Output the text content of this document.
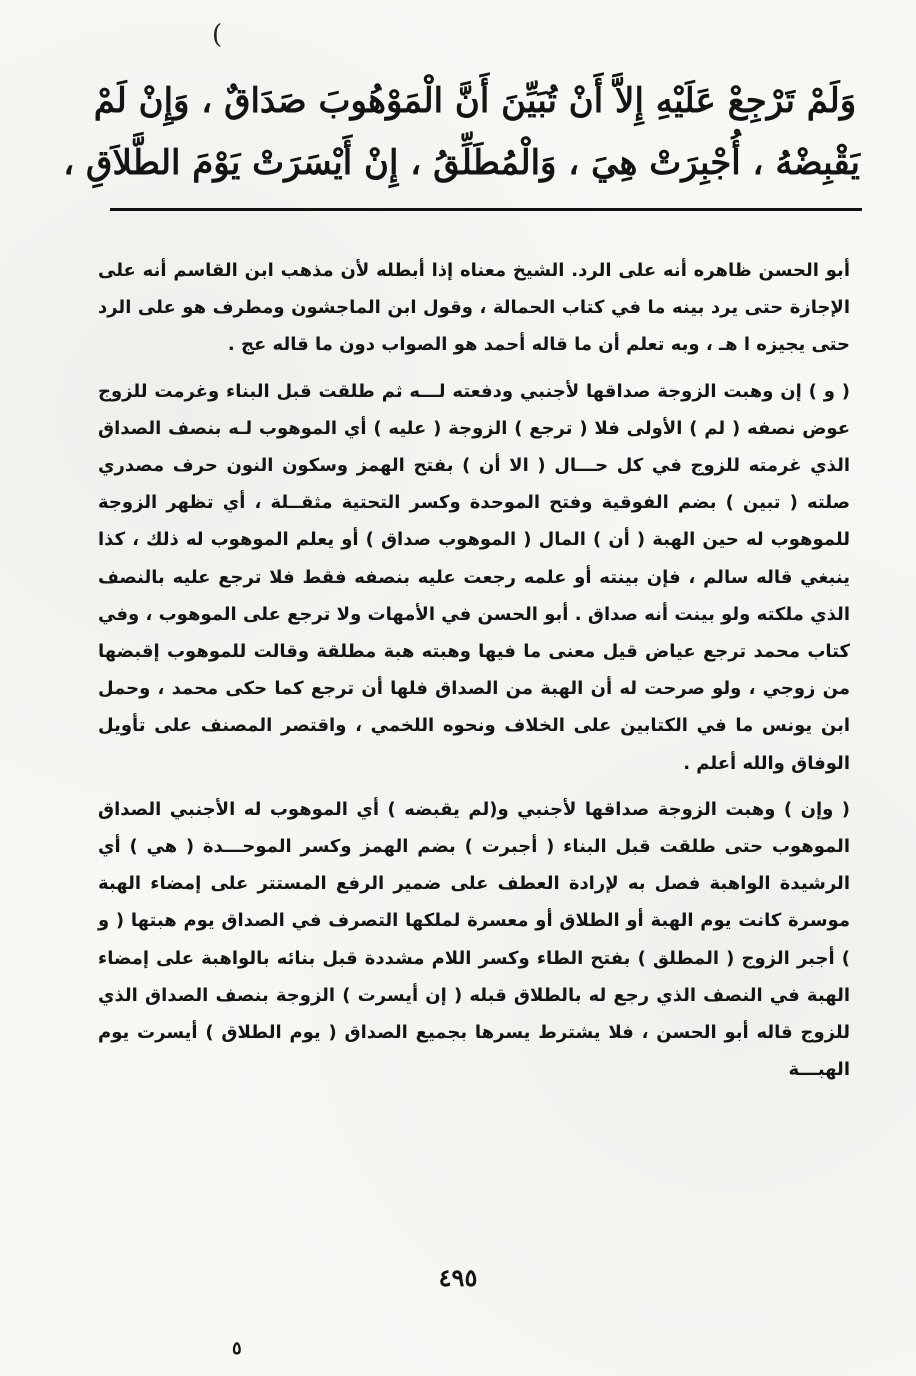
(
وَلَمْ تَرْجِعْ عَلَيْهِ إِلاَّ أَنْ تُبَيِّنَ أَنَّ الْمَوْهُوبَ صَدَاقٌ ، وَإِنْ لَمْ
يَقْبِضْهُ ، أُجْبِرَتْ هِيَ ، وَالْمُطَلِّقُ ، إِنْ أَيْسَرَتْ يَوْمَ الطَّلاَقِ ،

أبو الحسن ظاهره أنه على الرد. الشيخ معناه إذا أبطله لأن مذهب ابن القاسم أنه على الإجازة حتى يرد بينه ما في كتاب الحمالة ، وقول ابن الماجشون ومطرف هو على الرد حتى يجيزه ا هـ ، وبه تعلم أن ما قاله أحمد هو الصواب دون ما قاله عج .

( و ) إن وهبت الزوجة صداقها لأجنبي ودفعته لـــه ثم طلقت قبل البناء وغرمت للزوج عوض نصفه ( لم ) الأولى فلا ( ترجع ) الزوجة ( عليه ) أي الموهوب لـه بنصف الصداق الذي غرمته للزوج في كل حـــال ( الا أن ) بفتح الهمز وسكون النون حرف مصدري صلته ( تبين ) بضم الفوقية وفتح الموحدة وكسر التحتية مثقــلة ، أي تظهر الزوجة للموهوب له حين الهبة ( أن ) المال ( الموهوب صداق ) أو يعلم الموهوب له ذلك ، كذا ينبغي قاله سالم ، فإن بينته أو علمه رجعت عليه بنصفه فقط فلا ترجع عليه بالنصف الذي ملكته ولو بينت أنه صداق . أبو الحسن في الأمهات ولا ترجع على الموهوب ، وفي كتاب محمد ترجع عياض قيل معنى ما فيها وهبته هبة مطلقة وقالت للموهوب إقبضها من زوجي ، ولو صرحت له أن الهبة من الصداق فلها أن ترجع كما حكى محمد ، وحمل ابن يونس ما في الكتابين على الخلاف ونحوه اللخمي ، واقتصر المصنف على تأويل الوفاق والله أعلم .

( وإن ) وهبت الزوجة صداقها لأجنبي و(لم يقبضه ) أي الموهوب له الأجنبي الصداق الموهوب حتى طلقت قبل البناء ( أجبرت ) بضم الهمز وكسر الموحـــدة ( هي ) أي الرشيدة الواهبة فصل به لإرادة العطف على ضمير الرفع المستتر على إمضاء الهبة موسرة كانت يوم الهبة أو الطلاق أو معسرة لملكها التصرف في الصداق يوم هبتها ( و ) أجبر الزوج ( المطلق ) بفتح الطاء وكسر اللام مشددة قبل بنائه بالواهبة على إمضاء الهبة في النصف الذي رجع له بالطلاق قبله ( إن أيسرت ) الزوجة بنصف الصداق الذي للزوج قاله أبو الحسن ، فلا يشترط يسرها بجميع الصداق ( يوم الطلاق ) أيسرت يوم الهبـــة

٤٩٥
٥
